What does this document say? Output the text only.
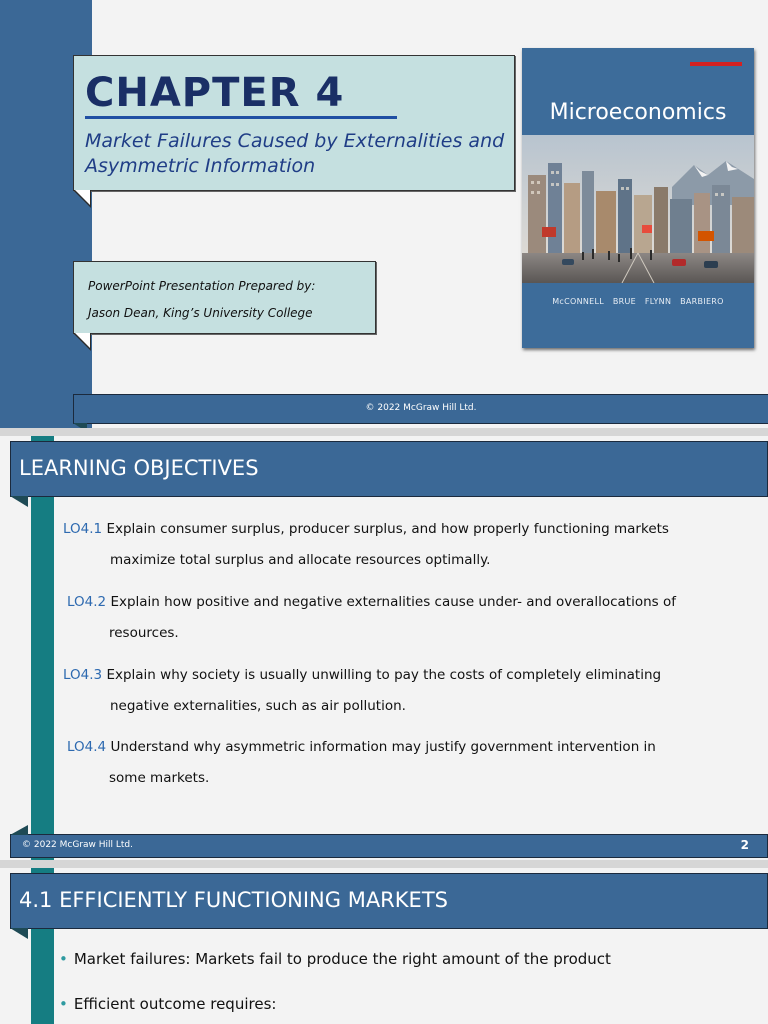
CHAPTER 4
Market Failures Caused by Externalities and Asymmetric Information
PowerPoint Presentation Prepared by:
Jason Dean, King’s University College
Microeconomics
McCONNELL BRUE FLYNN BARBIERO
© 2022 McGraw Hill Ltd.
LEARNING OBJECTIVES
LO4.1 Explain consumer surplus, producer surplus, and how properly functioning markets
maximize total surplus and allocate resources optimally.
LO4.2 Explain how positive and negative externalities cause under- and overallocations of
resources.
LO4.3 Explain why society is usually unwilling to pay the costs of completely eliminating
negative externalities, such as air pollution.
LO4.4 Understand why asymmetric information may justify government intervention in
some markets.
© 2022 McGraw Hill Ltd.	2
4.1 EFFICIENTLY FUNCTIONING MARKETS
• Market failures: Markets fail to produce the right amount of the product
• Efficient outcome requires:
